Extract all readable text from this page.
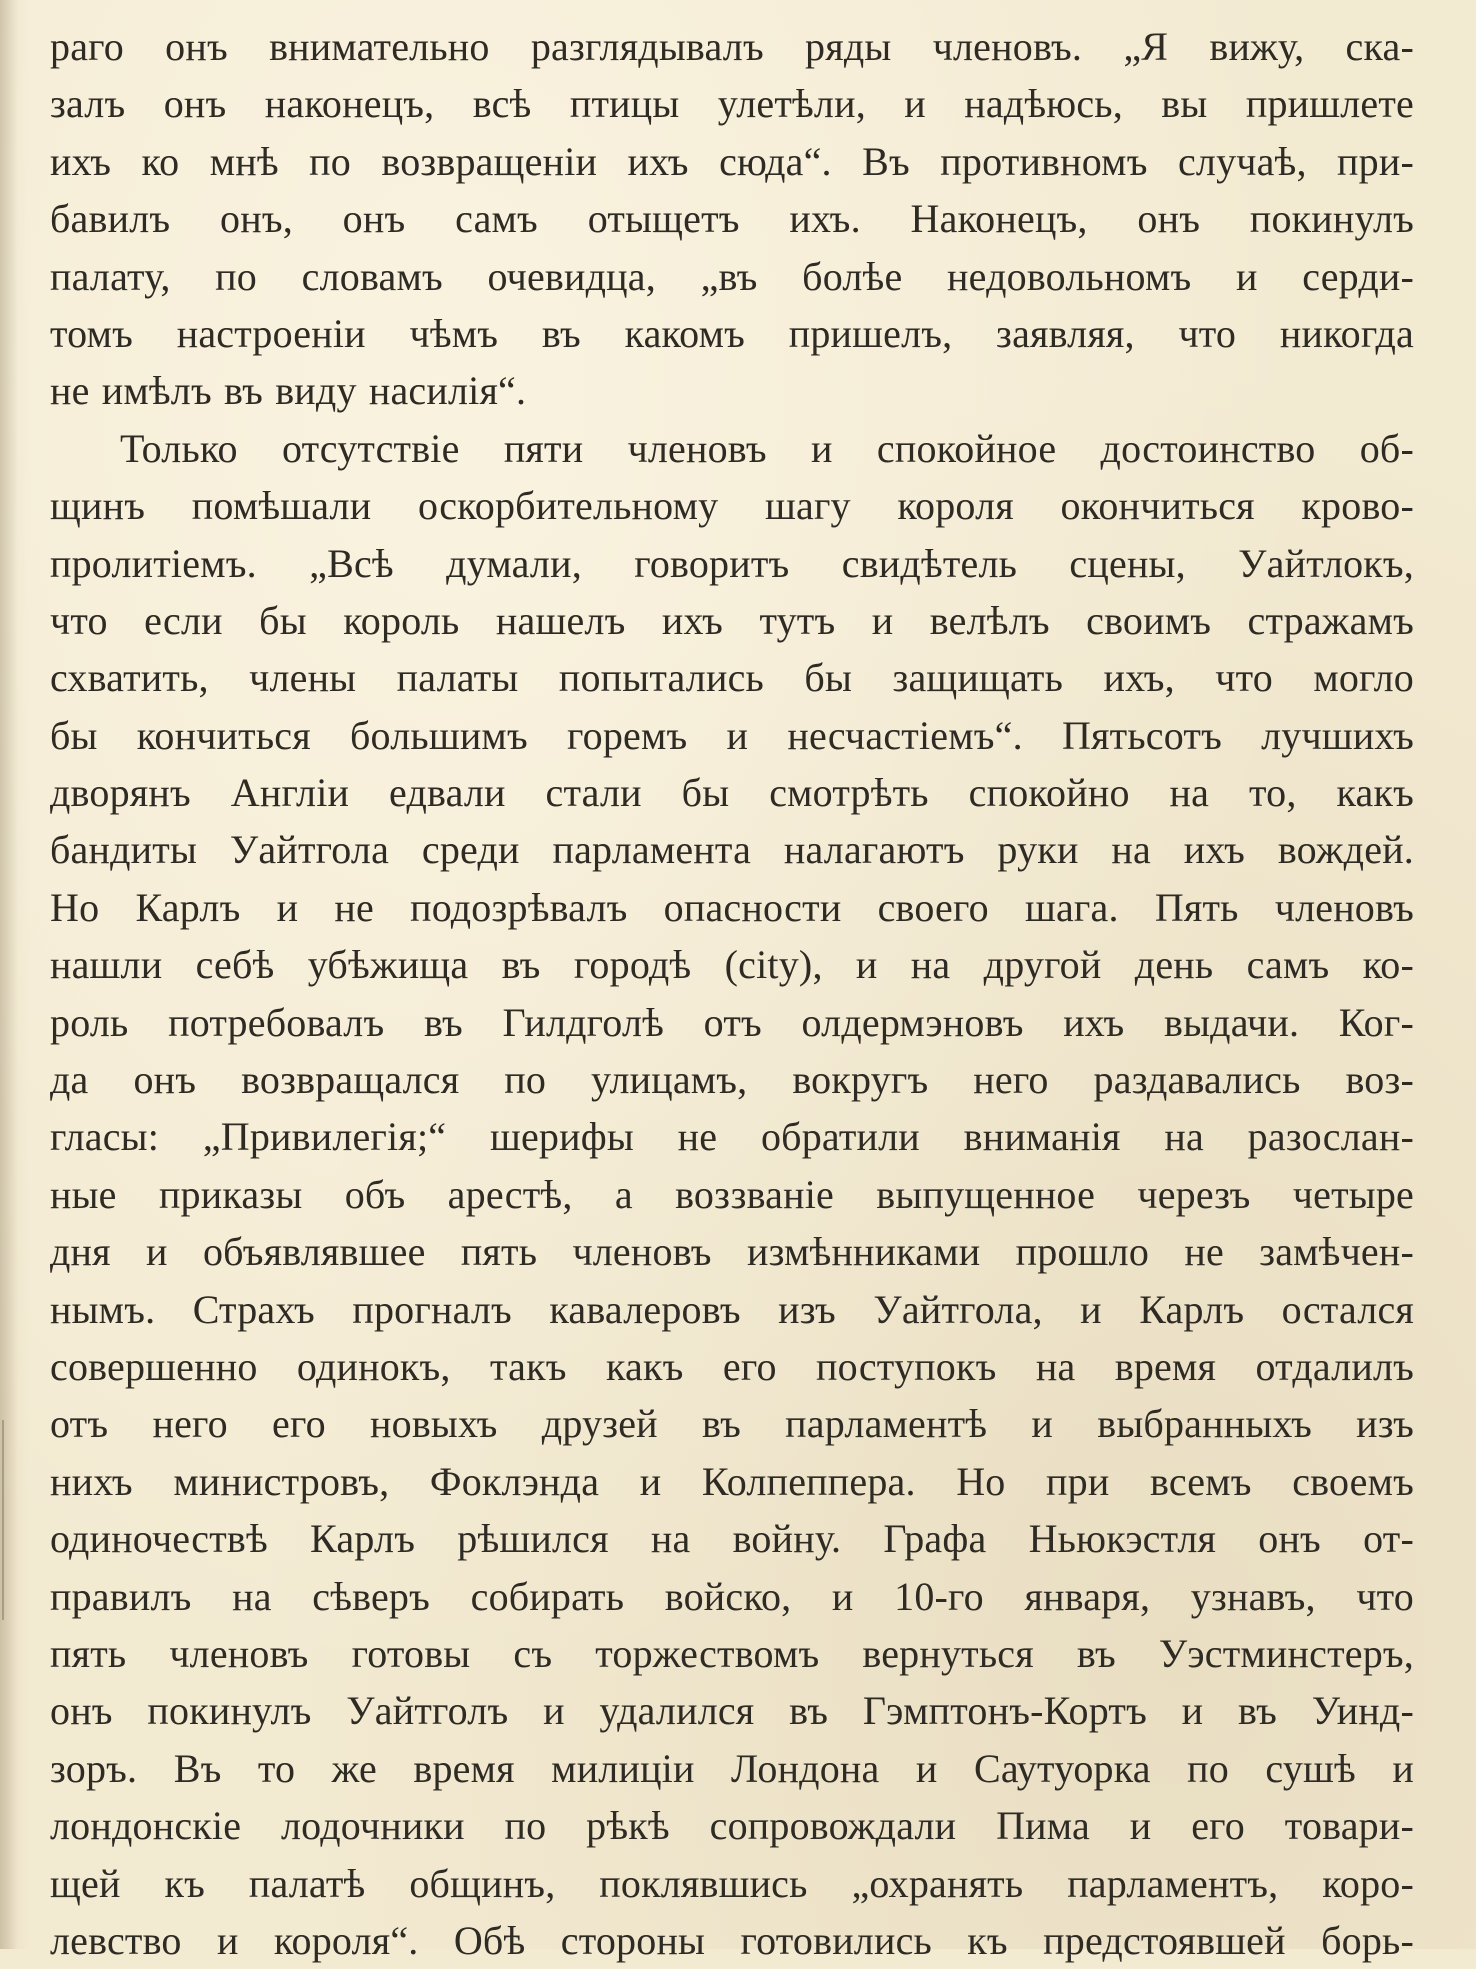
раго онъ внимательно разглядывалъ ряды членовъ. „Я вижу, ска-
залъ онъ наконецъ, всѣ птицы улетѣли, и надѣюсь, вы пришлете
ихъ ко мнѣ по возвращенiи ихъ сюда“. Въ противномъ случаѣ, при-
бавилъ онъ, онъ самъ отыщетъ ихъ. Наконецъ, онъ покинулъ
палату, по словамъ очевидца, „въ болѣе недовольномъ и серди-
томъ настроенiи чѣмъ въ какомъ пришелъ, заявляя, что никогда
не имѣлъ въ виду насилiя“.
Только отсутствiе пяти членовъ и спокойное достоинство об-
щинъ помѣшали оскорбительному шагу короля окончиться крово-
пролитiемъ. „Всѣ думали, говоритъ свидѣтель сцены, Уайтлокъ,
что если бы король нашелъ ихъ тутъ и велѣлъ своимъ стражамъ
схватить, члены палаты попытались бы защищать ихъ, что могло
бы кончиться большимъ горемъ и несчастiемъ“. Пятьсотъ лучшихъ
дворянъ Англiи едвали стали бы смотрѣть спокойно на то, какъ
бандиты Уайтгола среди парламента налагаютъ руки на ихъ вождей.
Но Карлъ и не подозрѣвалъ опасности своего шага. Пять членовъ
нашли себѣ убѣжища въ городѣ (city), и на другой день самъ ко-
роль потребовалъ въ Гилдголѣ отъ олдермэновъ ихъ выдачи. Ког-
да онъ возвращался по улицамъ, вокругъ него раздавались воз-
гласы: „Привилегiя;“ шерифы не обратили вниманiя на разослан-
ные приказы объ арестѣ, а воззванiе выпущенное черезъ четыре
дня и объявлявшее пять членовъ измѣнниками прошло не замѣчен-
нымъ. Страхъ прогналъ кавалеровъ изъ Уайтгола, и Карлъ остался
совершенно одинокъ, такъ какъ его поступокъ на время отдалилъ
отъ него его новыхъ друзей въ парламентѣ и выбранныхъ изъ
нихъ министровъ, Фоклэнда и Колпеппера. Но при всемъ своемъ
одиночествѣ Карлъ рѣшился на войну. Графа Ньюкэстля онъ от-
правилъ на сѣверъ собирать войско, и 10-го января, узнавъ, что
пять членовъ готовы съ торжествомъ вернуться въ Уэстминстеръ,
онъ покинулъ Уайтголъ и удалился въ Гэмптонъ-Кортъ и въ Уинд-
зоръ. Въ то же время милицiи Лондона и Саутуорка по сушѣ и
лондонскiе лодочники по рѣкѣ сопровождали Пима и его товари-
щей къ палатѣ общинъ, поклявшись „охранять парламентъ, коро-
левство и короля“. Обѣ стороны готовились къ предстоявшей борь-
